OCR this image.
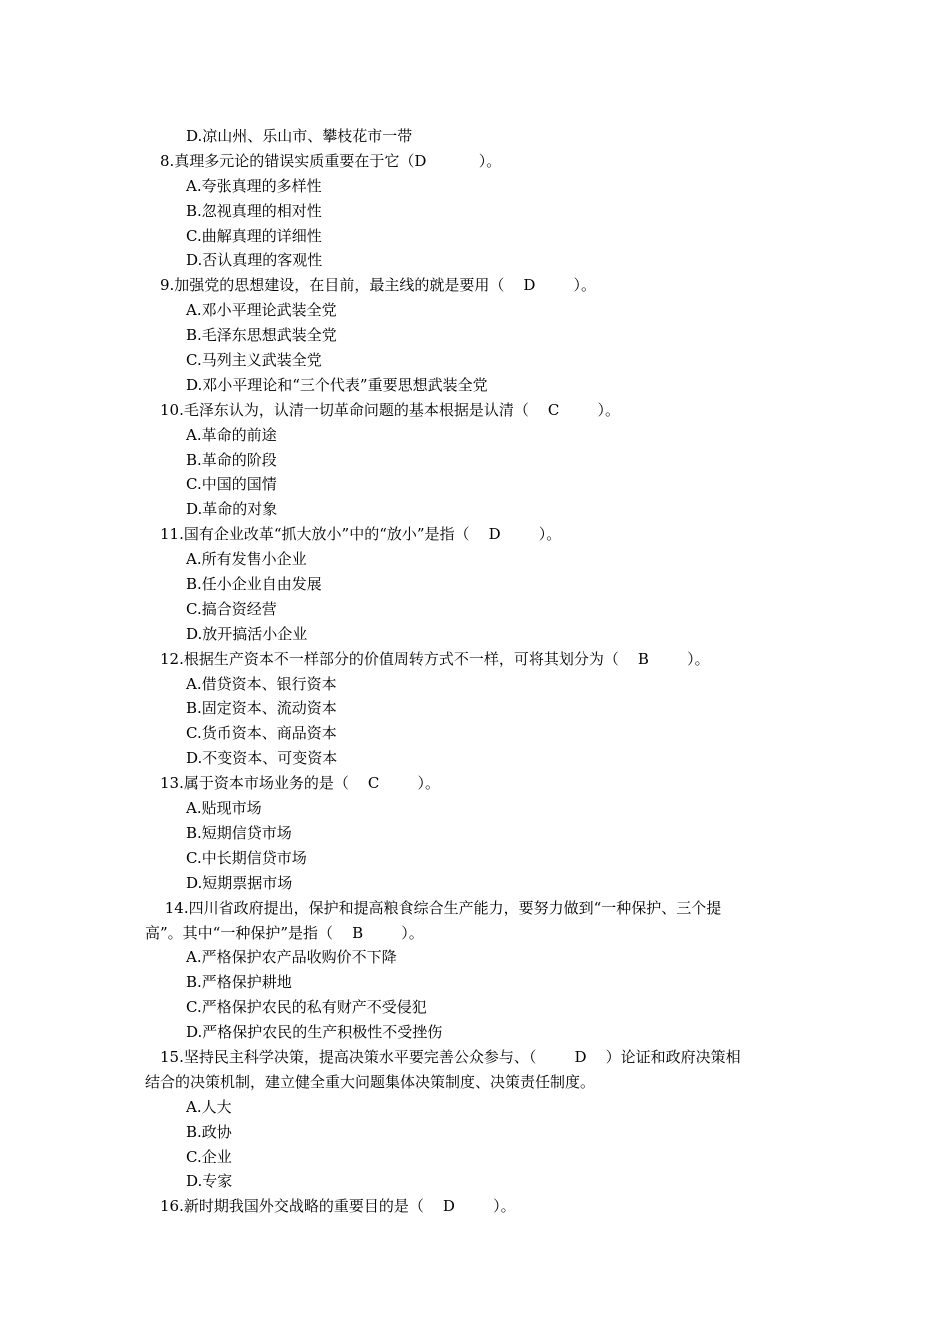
D.凉山州、乐山市、攀枝花市一带
8.真理多元论的错误实质重要在于它（D           ）。
A.夸张真理的多样性
B.忽视真理的相对性
C.曲解真理的详细性
D.否认真理的客观性
9.加强党的思想建设，在目前，最主线的就是要用（    D        ）。
A.邓小平理论武装全党
B.毛泽东思想武装全党
C.马列主义武装全党
D.邓小平理论和“三个代表”重要思想武装全党
10.毛泽东认为，认清一切革命问题的基本根据是认清（    C        ）。
A.革命的前途
B.革命的阶段
C.中国的国情
D.革命的对象
11.国有企业改革“抓大放小”中的“放小”是指（    D        ）。
A.所有发售小企业
B.任小企业自由发展
C.搞合资经营
D.放开搞活小企业
12.根据生产资本不一样部分的价值周转方式不一样，可将其划分为（    B        ）。
A.借贷资本、银行资本
B.固定资本、流动资本
C.货币资本、商品资本
D.不变资本、可变资本
13.属于资本市场业务的是（    C        ）。
A.贴现市场
B.短期信贷市场
C.中长期信贷市场
D.短期票据市场
14.四川省政府提出，保护和提高粮食综合生产能力，要努力做到“一种保护、三个提
高”。其中“一种保护”是指（    B        ）。
A.严格保护农产品收购价不下降
B.严格保护耕地
C.严格保护农民的私有财产不受侵犯
D.严格保护农民的生产积极性不受挫伤
15.坚持民主科学决策，提高决策水平要完善公众参与、（        D    ）论证和政府决策相
结合的决策机制，建立健全重大问题集体决策制度、决策责任制度。
A.人大
B.政协
C.企业
D.专家
16.新时期我国外交战略的重要目的是（    D        ）。
